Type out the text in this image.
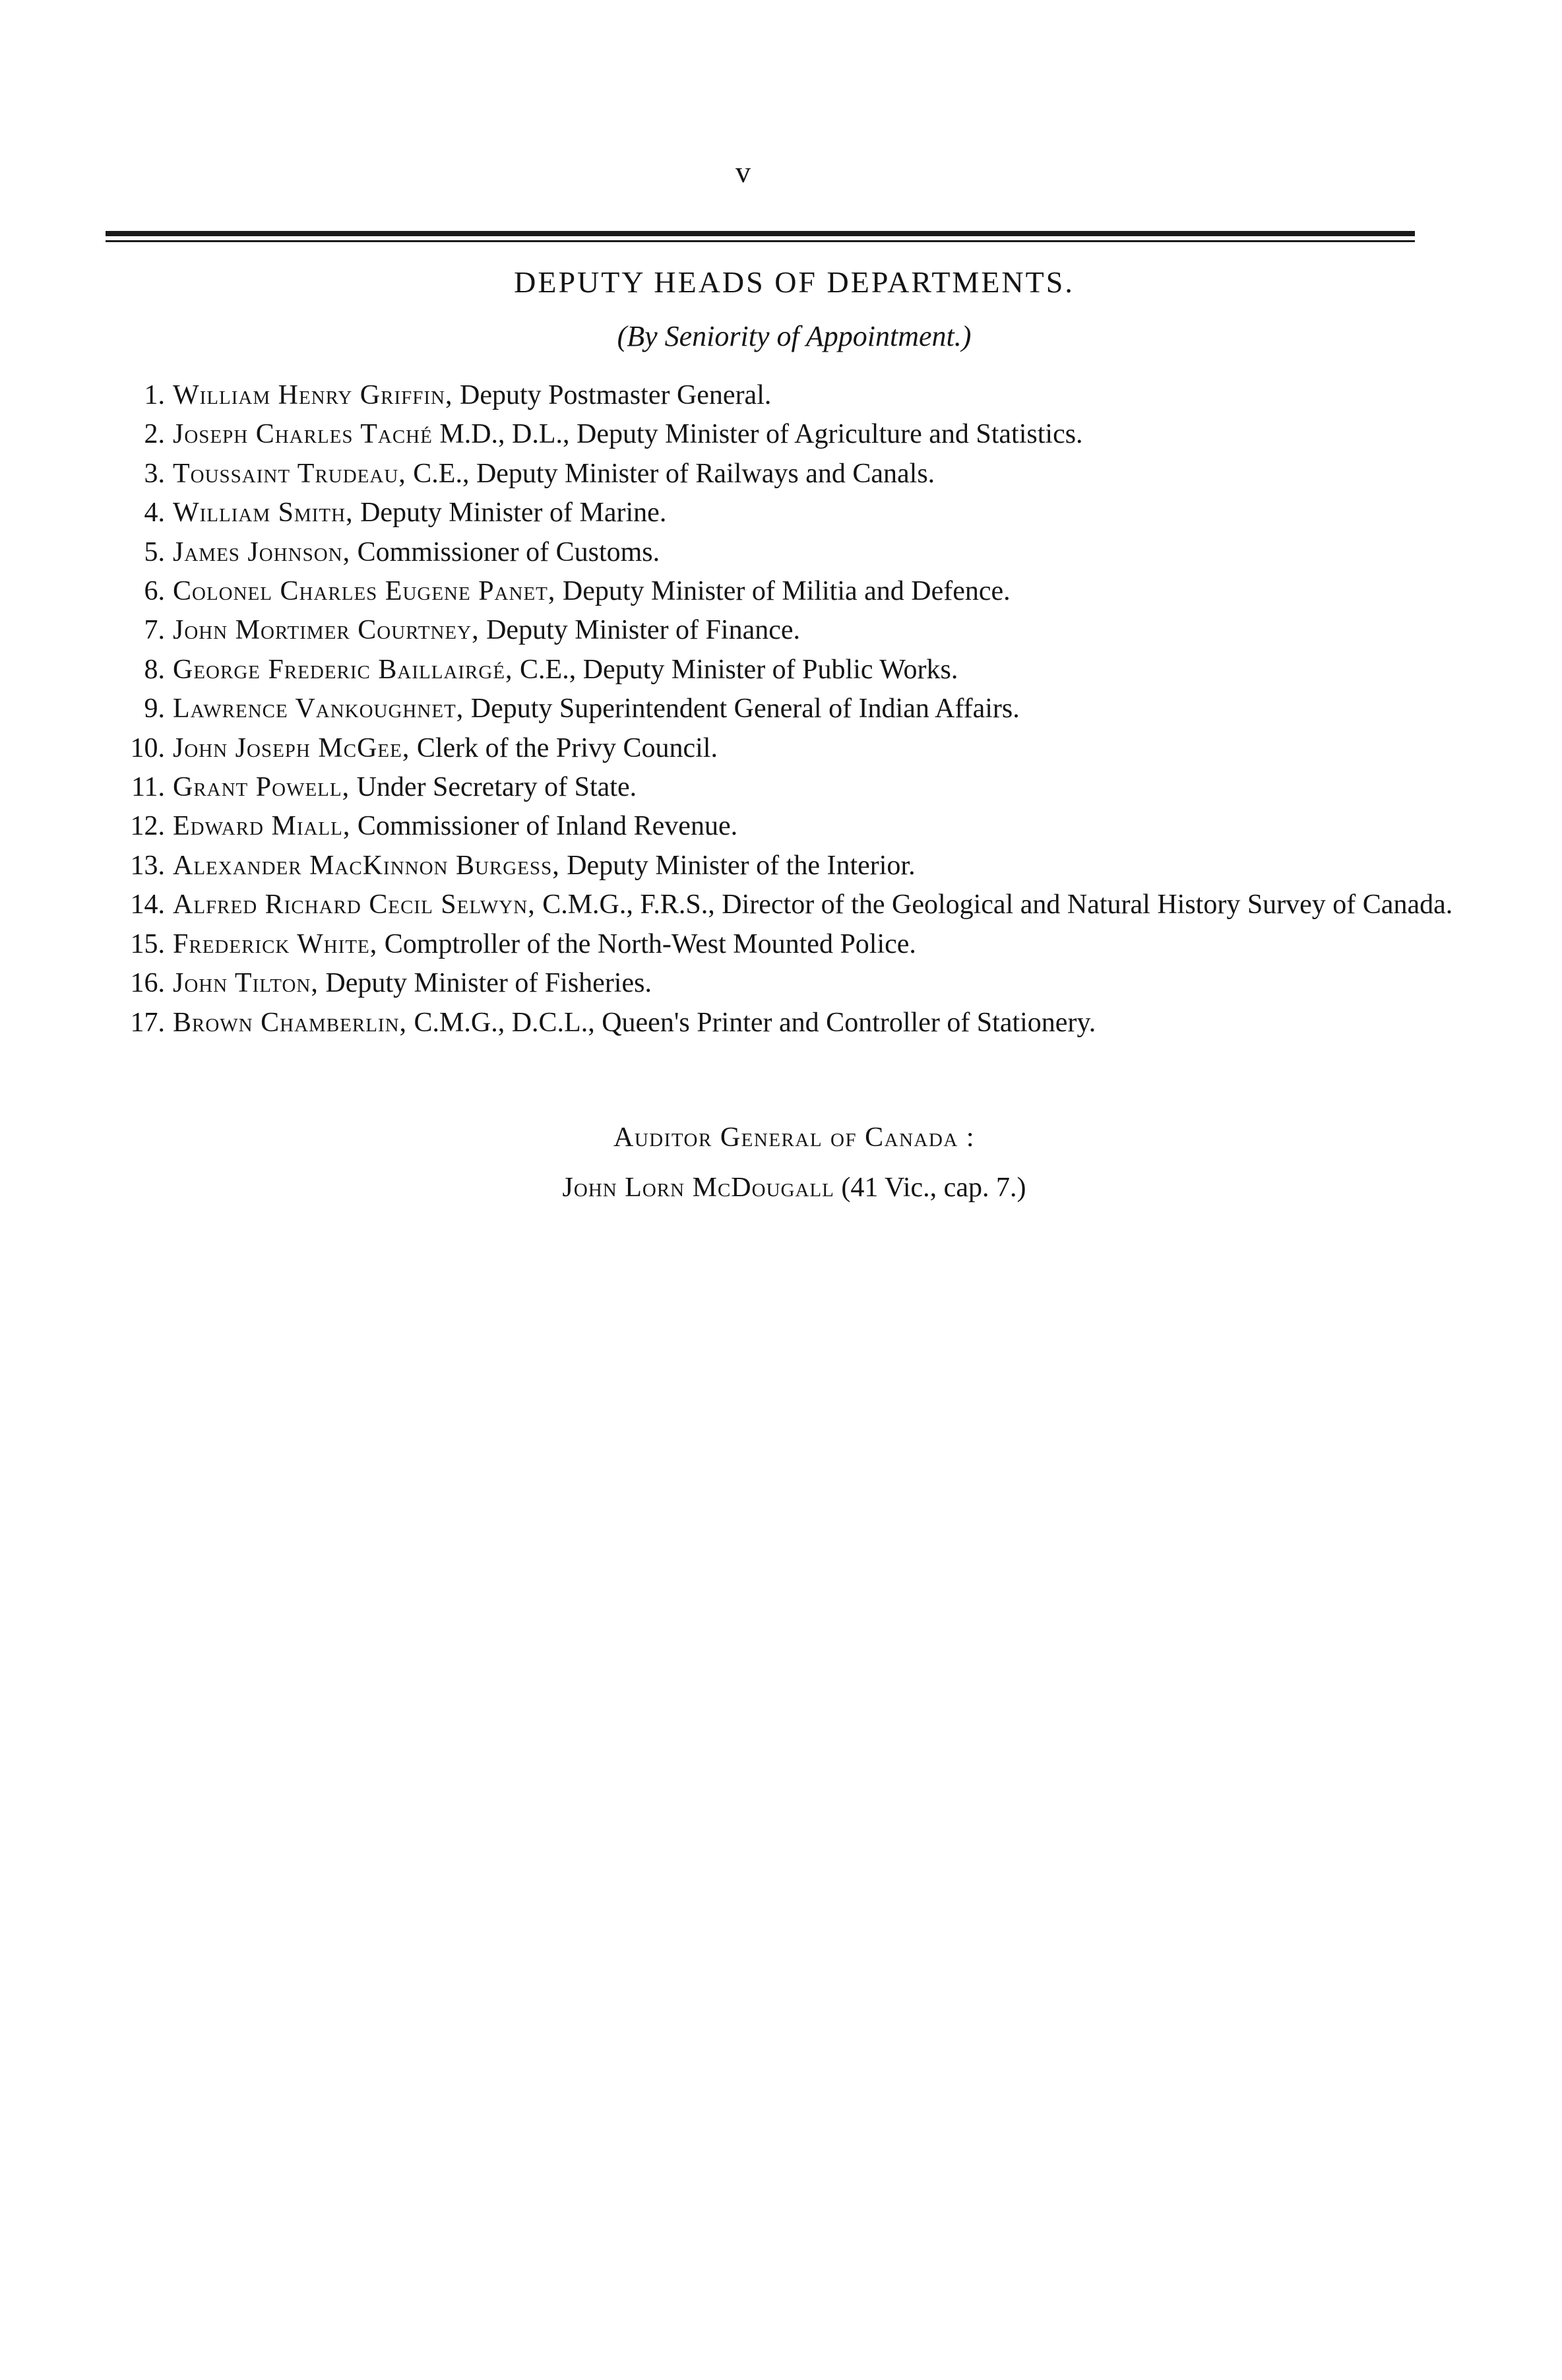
v
DEPUTY HEADS OF DEPARTMENTS.
(By Seniority of Appointment.)
1. William Henry Griffin, Deputy Postmaster General.
2. Joseph Charles Taché M.D., D.L., Deputy Minister of Agriculture and Statistics.
3. Toussaint Trudeau, C.E., Deputy Minister of Railways and Canals.
4. William Smith, Deputy Minister of Marine.
5. James Johnson, Commissioner of Customs.
6. Colonel Charles Eugene Panet, Deputy Minister of Militia and Defence.
7. John Mortimer Courtney, Deputy Minister of Finance.
8. George Frederic Baillairgé, C.E., Deputy Minister of Public Works.
9. Lawrence Vankoughnet, Deputy Superintendent General of Indian Affairs.
10. John Joseph McGee, Clerk of the Privy Council.
11. Grant Powell, Under Secretary of State.
12. Edward Miall, Commissioner of Inland Revenue.
13. Alexander MacKinnon Burgess, Deputy Minister of the Interior.
14. Alfred Richard Cecil Selwyn, C.M.G., F.R.S., Director of the Geological and Natural History Survey of Canada.
15. Frederick White, Comptroller of the North-West Mounted Police.
16. John Tilton, Deputy Minister of Fisheries.
17. Brown Chamberlin, C.M.G., D.C.L., Queen's Printer and Controller of Stationery.
Auditor General of Canada :
John Lorn McDougall (41 Vic., cap. 7.)
